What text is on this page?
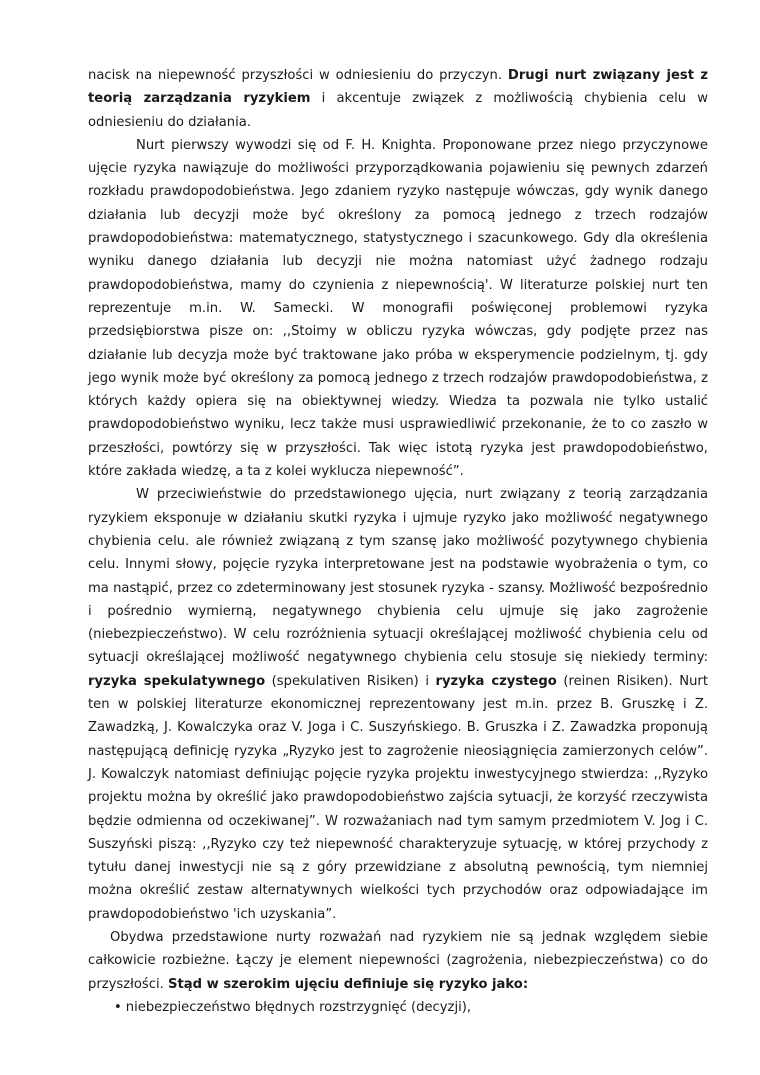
nacisk na niepewność przyszłości w odniesieniu do przyczyn. Drugi nurt związany jest z teorią zarządzania ryzykiem i akcentuje związek z możliwością chybienia celu w odniesieniu do działania.

Nurt pierwszy wywodzi się od F. H. Knighta. Proponowane przez niego przyczynowe ujęcie ryzyka nawiązuje do możliwości przyporządkowania pojawieniu się pewnych zdarzeń rozkładu prawdopodobieństwa. Jego zdaniem ryzyko następuje wówczas, gdy wynik danego działania lub decyzji może być określony za pomocą jednego z trzech rodzajów prawdopodobieństwa: matematycznego, statystycznego i szacunkowego. Gdy dla określenia wyniku danego działania lub decyzji nie można natomiast użyć żadnego rodzaju prawdopodobieństwa, mamy do czynienia z niepewnością'. W literaturze polskiej nurt ten reprezentuje m.in. W. Samecki. W monografii poświęconej problemowi ryzyka przedsiębiorstwa pisze on: ,,Stoimy w obliczu ryzyka wówczas, gdy podjęte przez nas działanie lub decyzja może być traktowane jako próba w eksperymencie podzielnym, tj. gdy jego wynik może być określony za pomocą jednego z trzech rodzajów prawdopodobieństwa, z których każdy opiera się na obiektywnej wiedzy. Wiedza ta pozwala nie tylko ustalić prawdopodobieństwo wyniku, lecz także musi usprawiedliwić przekonanie, że to co zaszło w przeszłości, powtórzy się w przyszłości. Tak więc istotą ryzyka jest prawdopodobieństwo, które zakłada wiedzę, a ta z kolei wyklucza niepewność”.

W przeciwieństwie do przedstawionego ujęcia, nurt związany z teorią zarządzania ryzykiem eksponuje w działaniu skutki ryzyka i ujmuje ryzyko jako możliwość negatywnego chybienia celu. ale również związaną z tym szansę jako możliwość pozytywnego chybienia celu. Innymi słowy, pojęcie ryzyka interpretowane jest na podstawie wyobrażenia o tym, co ma nastąpić, przez co zdeterminowany jest stosunek ryzyka - szansy. Możliwość bezpośrednio i pośrednio wymierną, negatywnego chybienia celu ujmuje się jako zagrożenie (niebezpieczeństwo). W celu rozróżnienia sytuacji określającej możliwość chybienia celu od sytuacji określającej możliwość negatywnego chybienia celu stosuje się niekiedy terminy: ryzyka spekulatywnego (spekulativen Risiken) i ryzyka czystego (reinen Risiken). Nurt ten w polskiej literaturze ekonomicznej reprezentowany jest m.in. przez B. Gruszkę i Z. Zawadzką, J. Kowalczyka oraz V. Joga i C. Suszyńskiego. B. Gruszka i Z. Zawadzka proponują następującą definicję ryzyka „Ryzyko jest to zagrożenie nieosiągnięcia zamierzonych celów”. J. Kowalczyk natomiast definiując pojęcie ryzyka projektu inwestycyjnego stwierdza: ,,Ryzyko projektu można by określić jako prawdopodobieństwo zajścia sytuacji, że korzyść rzeczywista będzie odmienna od oczekiwanej”. W rozważaniach nad tym samym przedmiotem V. Jog i C. Suszyński piszą: ,,Ryzyko czy też niepewność charakteryzuje sytuację, w której przychody z tytułu danej inwestycji nie są z góry przewidziane z absolutną pewnością, tym niemniej można określić zestaw alternatywnych wielkości tych przychodów oraz odpowiadające im prawdopodobieństwo 'ich uzyskania”.

Obydwa przedstawione nurty rozważań nad ryzykiem nie są jednak względem siebie całkowicie rozbieżne. Łączy je element niepewności (zagrożenia, niebezpieczeństwa) co do przyszłości. Stąd w szerokim ujęciu definiuje się ryzyko jako:

• niebezpieczeństwo błędnych rozstrzygnięć (decyzji),
